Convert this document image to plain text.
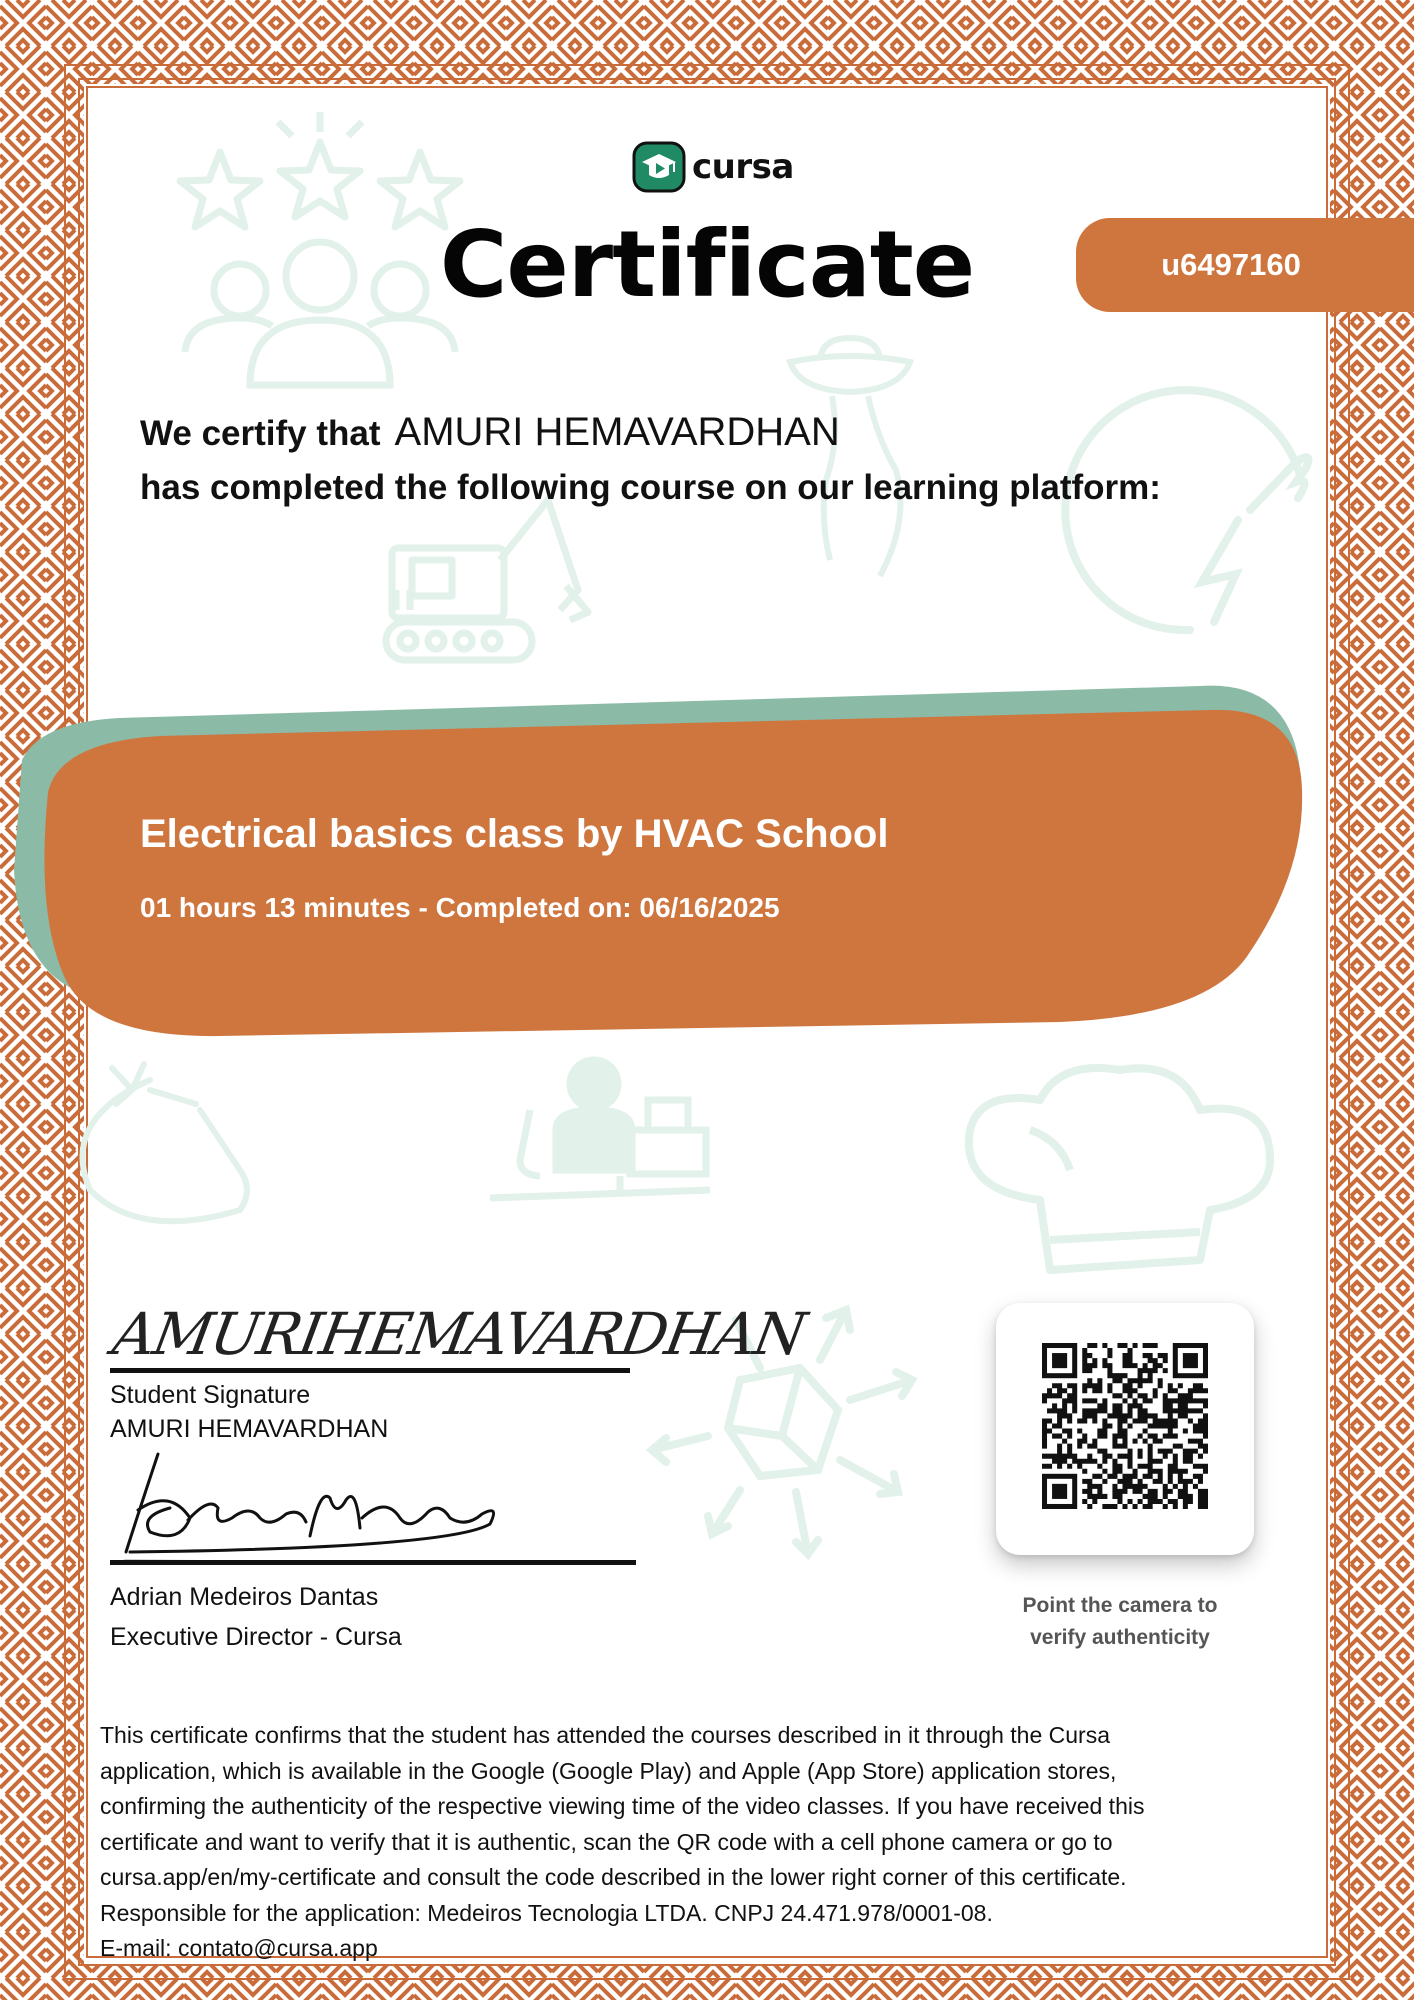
cursa
Certificate	u6497160
We certify that AMURI HEMAVARDHAN
has completed the following course on our learning platform:
Electrical basics class by HVAC School
01 hours 13 minutes - Completed on: 06/16/2025
AMURIHEMAVARDHAN
Student Signature
AMURI HEMAVARDHAN
Adrian Medeiros Dantas
Executive Director - Cursa
Point the camera to
verify authenticity

This certificate confirms that the student has attended the courses described in it through the Cursa

application, which is available in the Google (Google Play) and Apple (App Store) application stores,

confirming the authenticity of the respective viewing time of the video classes. If you have received this

certificate and want to verify that it is authentic, scan the QR code with a cell phone camera or go to

cursa.app/en/my-certificate and consult the code described in the lower right corner of this certificate.

Responsible for the application: Medeiros Tecnologia LTDA. CNPJ 24.471.978/0001-08.

E-mail: contato@cursa.app
